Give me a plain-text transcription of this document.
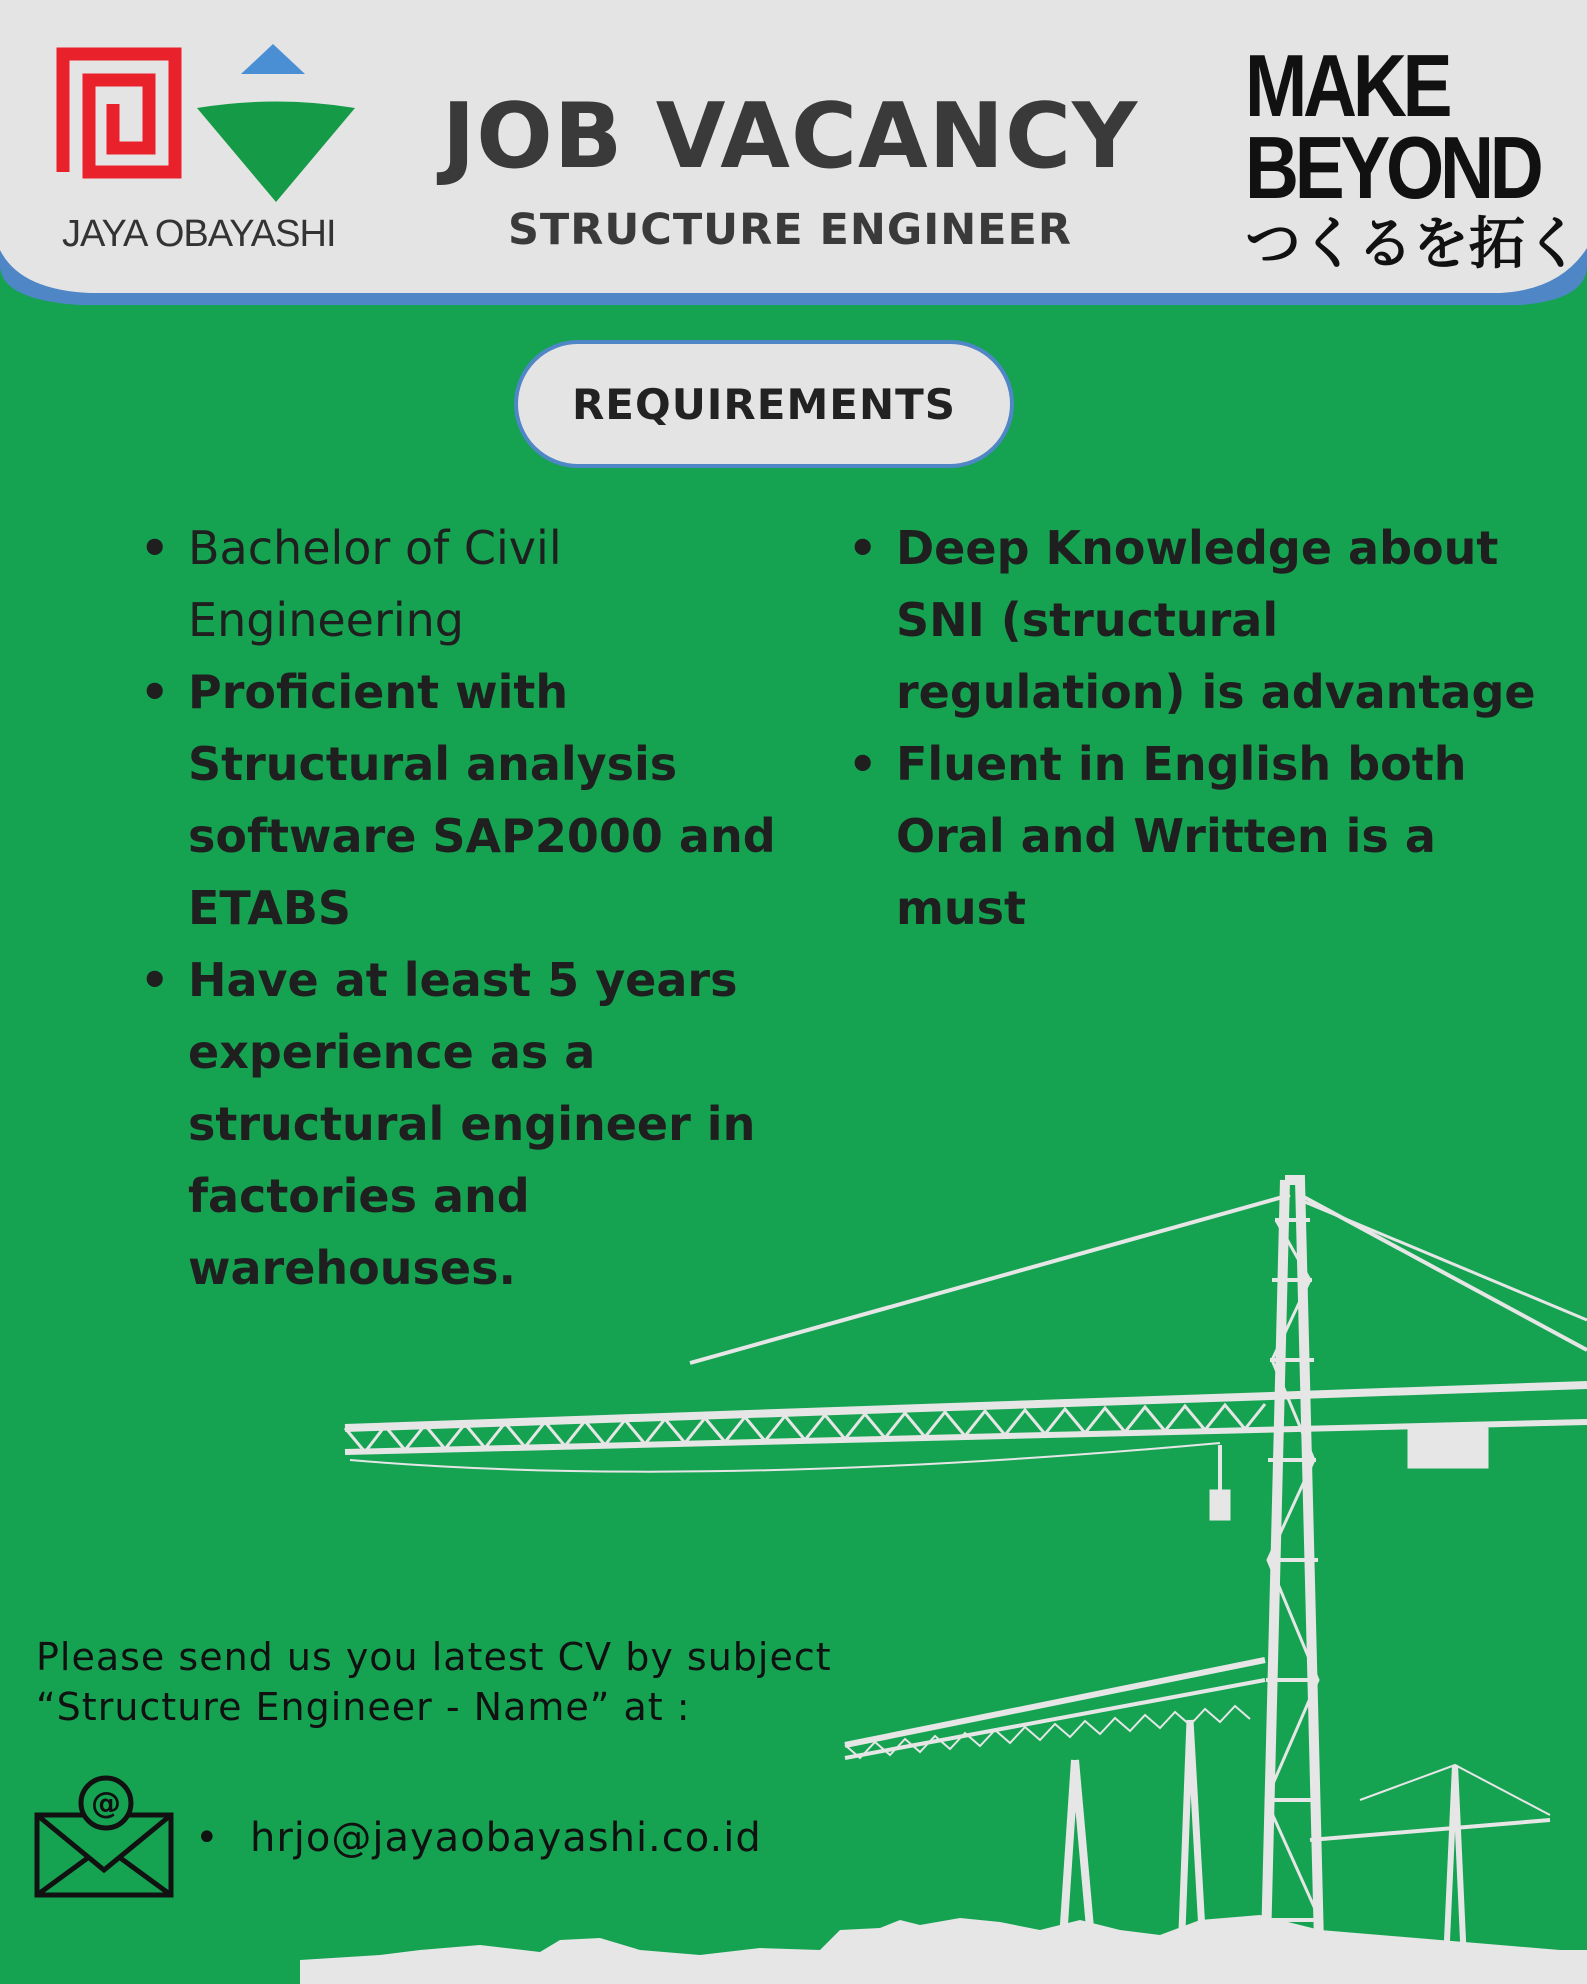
JAYA OBAYASHI
JOB VACANCY
STRUCTURE ENGINEER
MAKE
BEYOND
つくるを拓く
REQUIREMENTS
• Bachelor of Civil Engineering
• Proficient with Structural analysis software SAP2000 and ETABS
• Have at least 5 years experience as a structural engineer in factories and warehouses.
• Deep Knowledge about SNI (structural regulation) is advantage
• Fluent in English both Oral and Written is a must
Please send us you latest CV by subject
“Structure Engineer - Name” at :
@
• hrjo@jayaobayashi.co.id
